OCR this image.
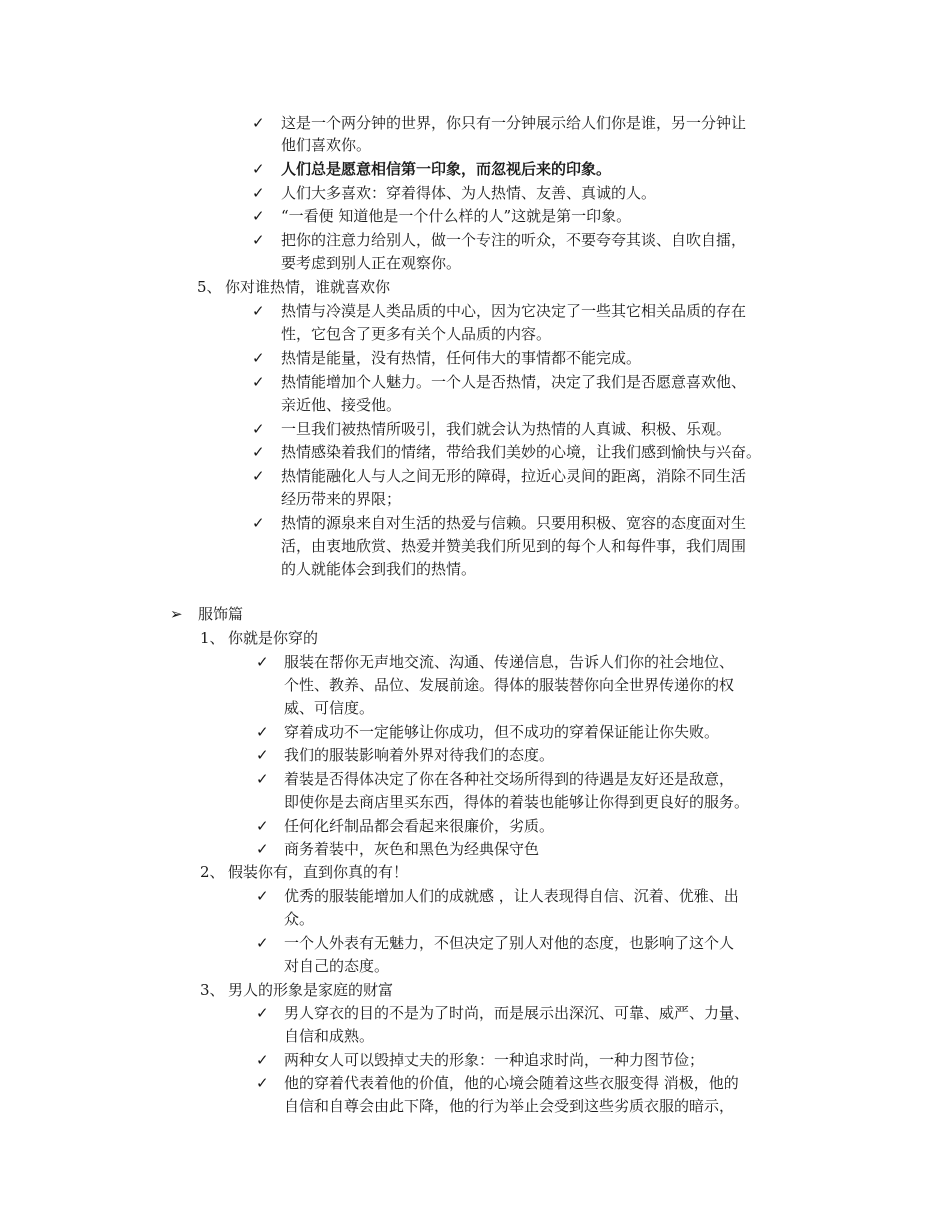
✓ 这是一个两分钟的世界，你只有一分钟展示给人们你是谁，另一分钟让
他们喜欢你。
✓ 人们总是愿意相信第一印象，而忽视后来的印象。
✓ 人们大多喜欢：穿着得体、为人热情、友善、真诚的人。
✓ “一看便 知道他是一个什么样的人”这就是第一印象。
✓ 把你的注意力给别人，做一个专注的听众，不要夸夸其谈、自吹自擂，
要考虑到别人正在观察你。
5、 你对谁热情，谁就喜欢你
✓ 热情与冷漠是人类品质的中心，因为它决定了一些其它相关品质的存在
性，它包含了更多有关个人品质的内容。
✓ 热情是能量，没有热情，任何伟大的事情都不能完成。
✓ 热情能增加个人魅力。一个人是否热情，决定了我们是否愿意喜欢他、
亲近他、接受他。
✓ 一旦我们被热情所吸引，我们就会认为热情的人真诚、积极、乐观。
✓ 热情感染着我们的情绪，带给我们美妙的心境，让我们感到愉快与兴奋。
✓ 热情能融化人与人之间无形的障碍，拉近心灵间的距离，消除不同生活
经历带来的界限；
✓ 热情的源泉来自对生活的热爱与信赖。只要用积极、宽容的态度面对生
活，由衷地欣赏、热爱并赞美我们所见到的每个人和每件事，我们周围
的人就能体会到我们的热情。
➢ 服饰篇
1、 你就是你穿的
✓ 服装在帮你无声地交流、沟通、传递信息，告诉人们你的社会地位、
个性、教养、品位、发展前途。得体的服装替你向全世界传递你的权
威、可信度。
✓ 穿着成功不一定能够让你成功，但不成功的穿着保证能让你失败。
✓ 我们的服装影响着外界对待我们的态度。
✓ 着装是否得体决定了你在各种社交场所得到的待遇是友好还是敌意，
即使你是去商店里买东西，得体的着装也能够让你得到更良好的服务。
✓ 任何化纤制品都会看起来很廉价，劣质。
✓ 商务着装中，灰色和黑色为经典保守色
2、 假装你有，直到你真的有！
✓ 优秀的服装能增加人们的成就感 ，让人表现得自信、沉着、优雅、出
众。
✓ 一个人外表有无魅力，不但决定了别人对他的态度，也影响了这个人
对自己的态度。
3、 男人的形象是家庭的财富
✓ 男人穿衣的目的不是为了时尚，而是展示出深沉、可靠、威严、力量、
自信和成熟。
✓ 两种女人可以毁掉丈夫的形象：一种追求时尚，一种力图节俭；
✓ 他的穿着代表着他的价值，他的心境会随着这些衣服变得 消极，他的
自信和自尊会由此下降，他的行为举止会受到这些劣质衣服的暗示，
